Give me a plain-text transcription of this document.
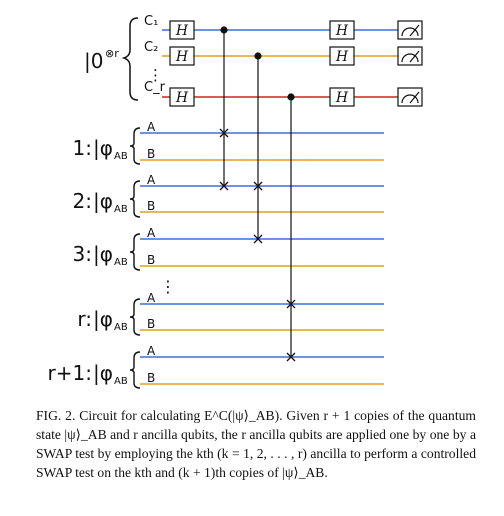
|0 ⊗r
C₁
C₂
⋮
C_r
H
H
H
H
H
H
1: |φ AB
A
B
2: |φ AB
A
B
3: |φ AB
A
B
⋮
r: |φ AB
A
B
r+1: |φ AB
A
B
FIG. 2. Circuit for calculating E^C(|ψ⟩_AB). Given r + 1 copies of the quantum state |ψ⟩_AB and r ancilla qubits, the r ancilla qubits are applied one by one by a SWAP test by employing the kth (k = 1, 2, . . . , r) ancilla to perform a controlled SWAP test on the kth and (k + 1)th copies of |ψ⟩_AB.
